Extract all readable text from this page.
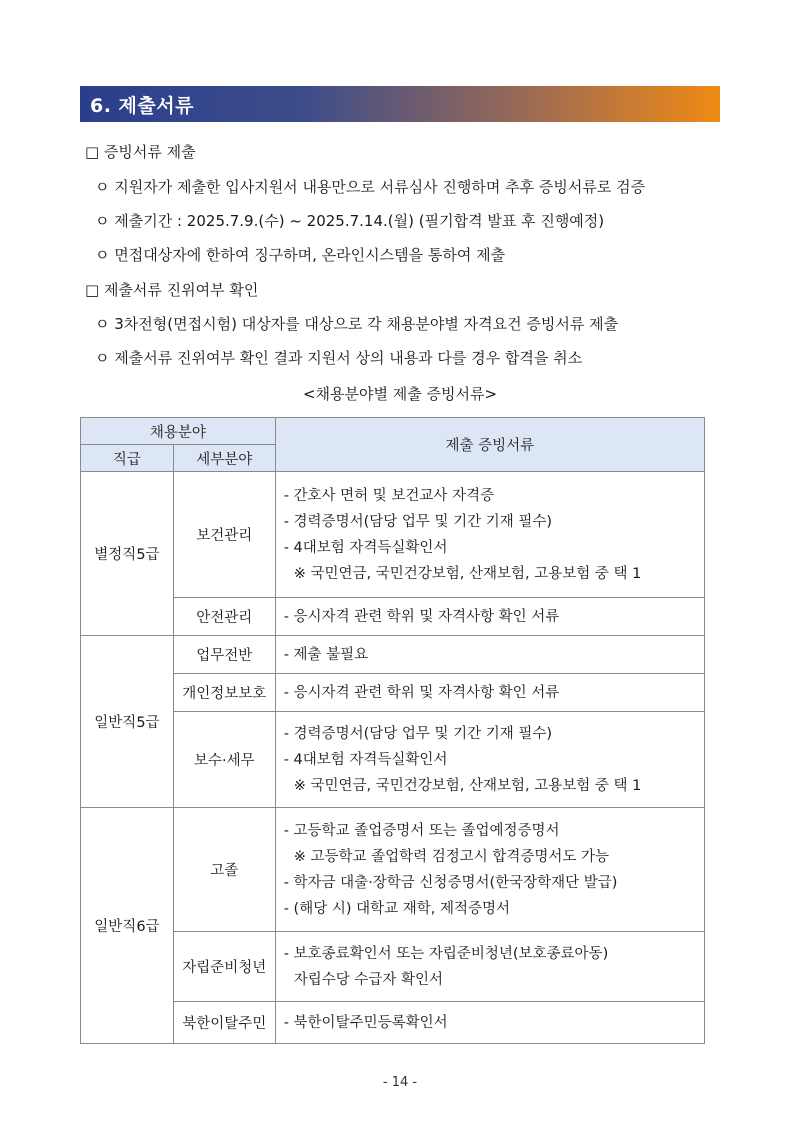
6. 제출서류
□ 증빙서류 제출
ㅇ 지원자가 제출한 입사지원서 내용만으로 서류심사 진행하며 추후 증빙서류로 검증
ㅇ 제출기간 : 2025.7.9.(수) ~ 2025.7.14.(월) (필기합격 발표 후 진행예정)
ㅇ 면접대상자에 한하여 징구하며, 온라인시스템을 통하여 제출
□ 제출서류 진위여부 확인
ㅇ 3차전형(면접시험) 대상자를 대상으로 각 채용분야별 자격요건 증빙서류 제출
ㅇ 제출서류 진위여부 확인 결과 지원서 상의 내용과 다를 경우 합격을 취소
<채용분야별 제출 증빙서류>
채용분야		제출 증빙서류
직급	세부분야	
별정직5급	보건관리	- 간호사 면허 및 보건교사 자격증
- 경력증명서(담당 업무 및 기간 기재 필수)
- 4대보험 자격득실확인서
※ 국민연금, 국민건강보험, 산재보험, 고용보험 중 택 1

	안전관리	- 응시자격 관련 학위 및 자격사항 확인 서류

일반직5급	업무전반	- 제출 불필요

	개인정보보호	- 응시자격 관련 학위 및 자격사항 확인 서류

	보수·세무	- 경력증명서(담당 업무 및 기간 기재 필수)
- 4대보험 자격득실확인서
※ 국민연금, 국민건강보험, 산재보험, 고용보험 중 택 1

일반직6급	고졸	- 고등학교 졸업증명서 또는 졸업예정증명서
※ 고등학교 졸업학력 검정고시 합격증명서도 가능
- 학자금 대출·장학금 신청증명서(한국장학재단 발급)
- (해당 시) 대학교 재학, 제적증명서

	자립준비청년	- 보호종료확인서 또는 자립준비청년(보호종료아동)
자립수당 수급자 확인서

	북한이탈주민	- 북한이탈주민등록확인서
- 14 -
